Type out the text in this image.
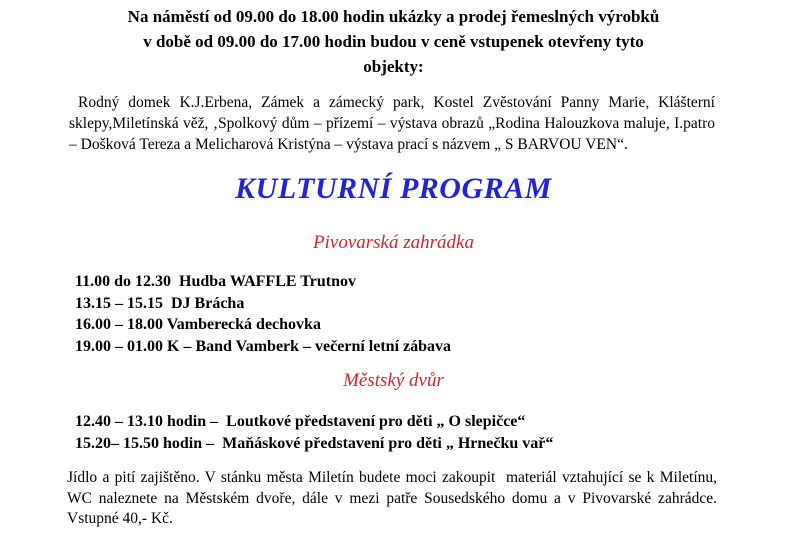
Na náměstí od 09.00 do 18.00 hodin ukázky a prodej řemeslných výrobků
v době od 09.00 do 17.00 hodin budou v ceně vstupenek otevřeny tyto
objekty:

Rodný domek K.J.Erbena, Zámek a zámecký park, Kostel Zvěstování Panny Marie, Klášterní sklepy,Miletínská věž, ‚Spolkový dům – přízemí – výstava obrazů „Rodina Halouzkova maluje, I.patro – Došková Tereza a Melicharová Kristýna – výstava prací s názvem „ S BARVOU VEN“.

KULTURNÍ PROGRAM
Pivovarská zahrádka
11.00 do 12.30  Hudba WAFFLE Trutnov
13.15 – 15.15  DJ Brácha
16.00 – 18.00 Vamberecká dechovka
19.00 – 01.00 K – Band Vamberk – večerní letní zábava
Městský dvůr
12.40 – 13.10 hodin –  Loutkové představení pro děti „ O slepičce“
15.20– 15.50 hodin –  Maňáskové představení pro děti „ Hrnečku vař“

Jídlo a pití zajištěno. V stánku města Miletín budete moci zakoupit  materiál vztahující se k Miletínu, WC naleznete na Městském dvoře, dále v mezi patře Sousedského domu a v Pivovarské zahrádce. Vstupné 40,- Kč.
